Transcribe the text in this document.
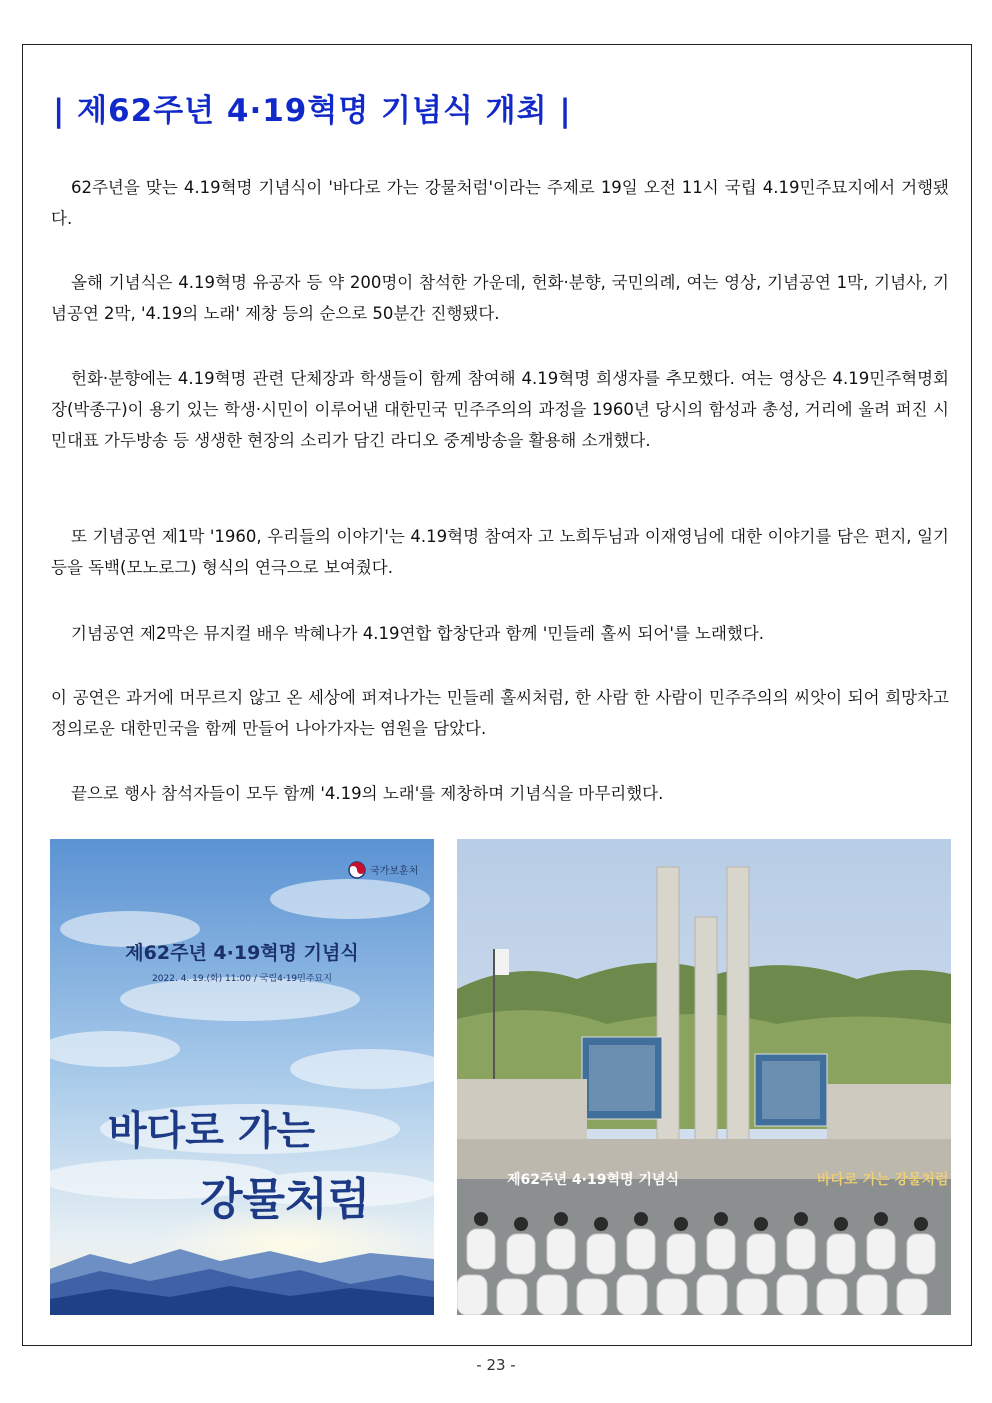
| 제62주년 4·19혁명 기념식 개최 |

62주년을 맞는 4.19혁명 기념식이 '바다로 가는 강물처럼'이라는 주제로 19일 오전 11시 국립 4.19민주묘지에서 거행됐다.

올해 기념식은 4.19혁명 유공자 등 약 200명이 참석한 가운데, 헌화·분향, 국민의례, 여는 영상, 기념공연 1막, 기념사, 기념공연 2막, '4.19의 노래' 제창 등의 순으로 50분간 진행됐다.

헌화·분향에는 4.19혁명 관련 단체장과 학생들이 함께 참여해 4.19혁명 희생자를 추모했다. 여는 영상은 4.19민주혁명회장(박종구)이 용기 있는 학생·시민이 이루어낸 대한민국 민주주의의 과정을 1960년 당시의 함성과 총성, 거리에 울려 퍼진 시민대표 가두방송 등 생생한 현장의 소리가 담긴 라디오 중계방송을 활용해 소개했다.

또 기념공연 제1막 '1960, 우리들의 이야기'는 4.19혁명 참여자 고 노희두님과 이재영님에 대한 이야기를 담은 편지, 일기 등을 독백(모노로그) 형식의 연극으로 보여줬다.

기념공연 제2막은 뮤지컬 배우 박혜나가 4.19연합 합창단과 함께 '민들레 홀씨 되어'를 노래했다.

이 공연은 과거에 머무르지 않고 온 세상에 퍼져나가는 민들레 홀씨처럼, 한 사람 한 사람이 민주주의의 씨앗이 되어 희망차고 정의로운 대한민국을 함께 만들어 나아가자는 염원을 담았다.

끝으로 행사 참석자들이 모두 함께 '4.19의 노래'를 제창하며 기념식을 마무리했다.

국가보훈처
제62주년 4·19혁명 기념식
2022. 4. 19.(화) 11:00 / 국립4·19민주묘지
바다로 가는
강물처럼	제62주년 4·19혁명 기념식	바다로 가는 강물처럼
- 23 -
